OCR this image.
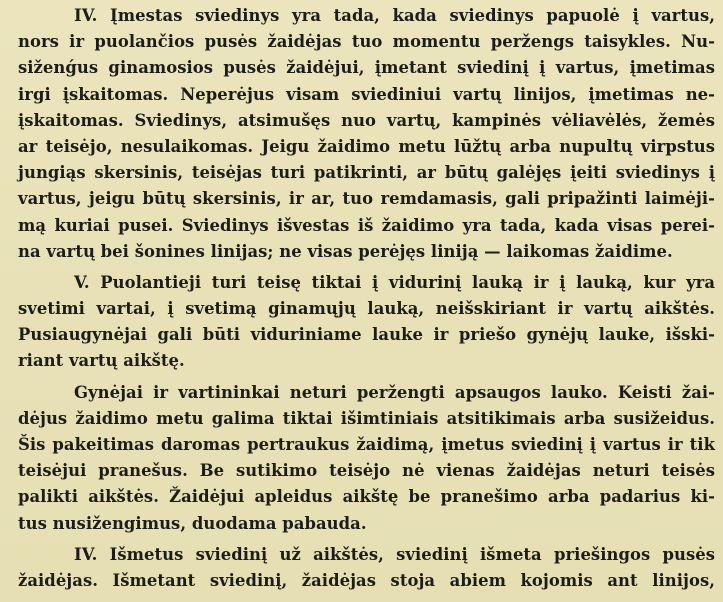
IV. Įmestas sviedinys yra tada, kada sviedinys papuolė į vartus,
nors ir puolančios pusės žaidėjas tuo momentu peržengs taisykles. Nu-
siženǵus ginamosios pusės žaidėjui, įmetant sviedinį į vartus, įmetimas
irgi įskaitomas. Neperėjus visam sviediniui vartų linijos, įmetimas ne-
įskaitomas. Sviedinys, atsimušęs nuo vartų, kampinės vėliavėlės, žemės
ar teisėjo, nesulaikomas. Jeigu žaidimo metu lūžtų arba nupultų virpstus
jungiąs skersinis, teisėjas turi patikrinti, ar būtų galėjęs įeiti sviedinys į
vartus, jeigu būtų skersinis, ir ar, tuo remdamasis, gali pripažinti laimėji-
mą kuriai pusei. Sviedinys išvestas iš žaidimo yra tada, kada visas perei-
na vartų bei šonines linijas; ne visas perėjęs liniją — laikomas žaidime.
V. Puolantieji turi teisę tiktai į vidurinį lauką ir į lauką, kur yra
svetimi vartai, į svetimą ginamųjų lauką, neišskiriant ir vartų aikštės.
Pusiaugynėjai gali būti viduriniame lauke ir priešo gynėjų lauke, išski-
riant vartų aikštę.
Gynėjai ir vartininkai neturi peržengti apsaugos lauko. Keisti žai-
dėjus žaidimo metu galima tiktai išimtiniais atsitikimais arba susižeidus.
Šis pakeitimas daromas pertraukus žaidimą, įmetus sviedinį į vartus ir tik
teisėjui pranešus. Be sutikimo teisėjo nė vienas žaidėjas neturi teisės
palikti aikštės. Žaidėjui apleidus aikštę be pranešimo arba padarius ki-
tus nusižengimus, duodama pabauda.
IV. Išmetus sviedinį už aikštės, sviedinį išmeta priešingos pusės
žaidėjas. Išmetant sviedinį, žaidėjas stoja abiem kojomis ant linijos,
